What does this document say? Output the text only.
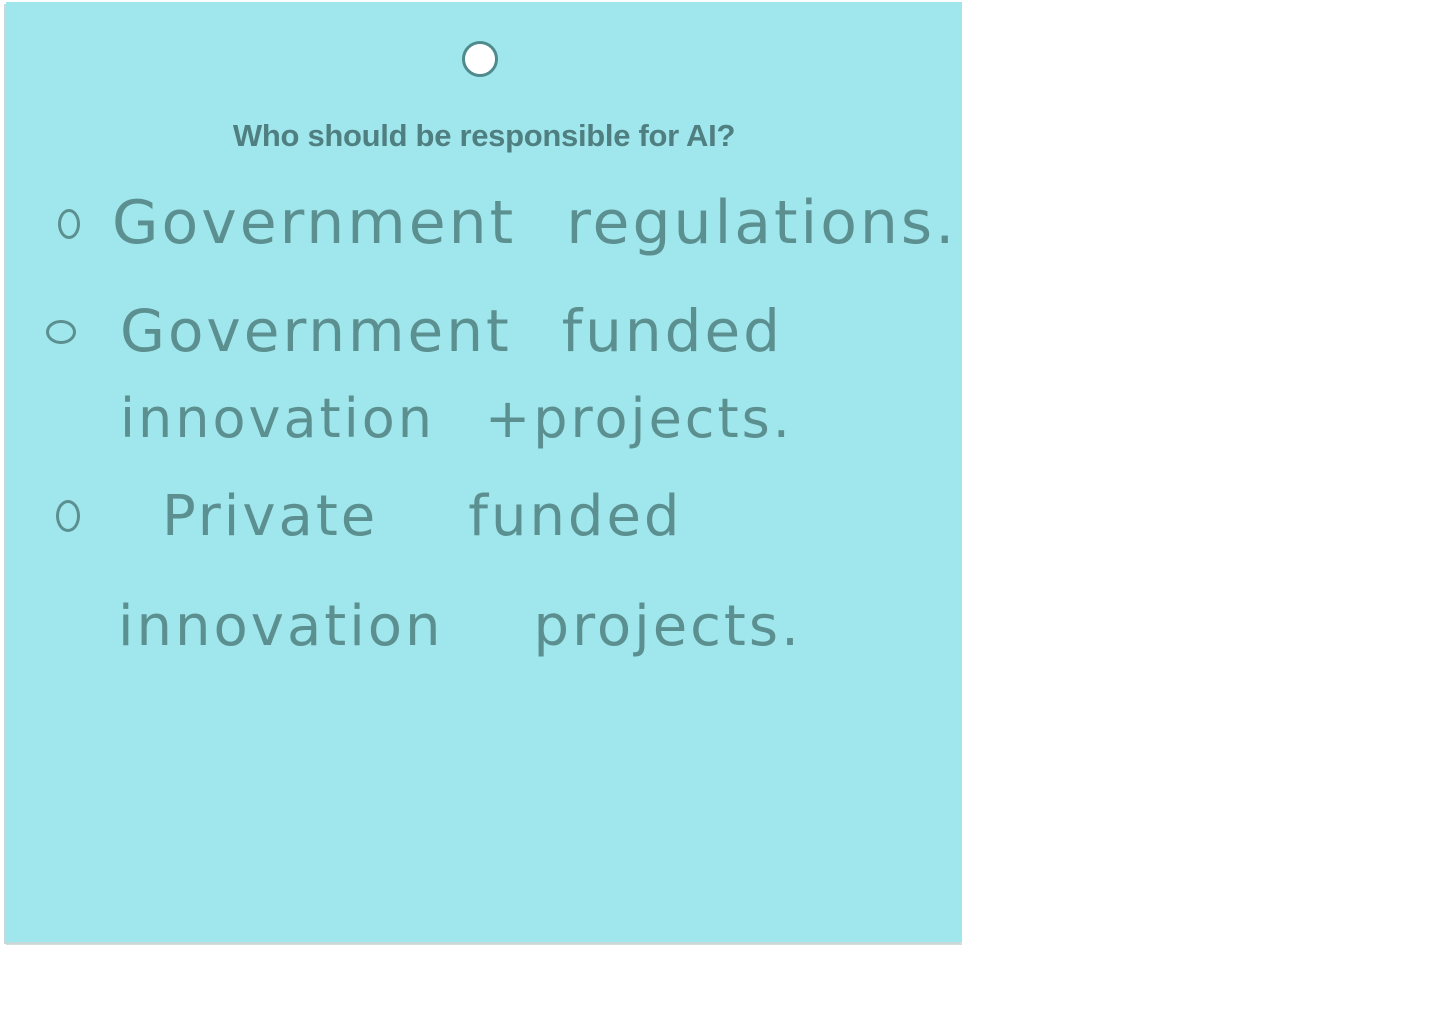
Who should be responsible for AI?
Government regulations.
Government funded
innovation +projects.
Private funded
innovation projects.
